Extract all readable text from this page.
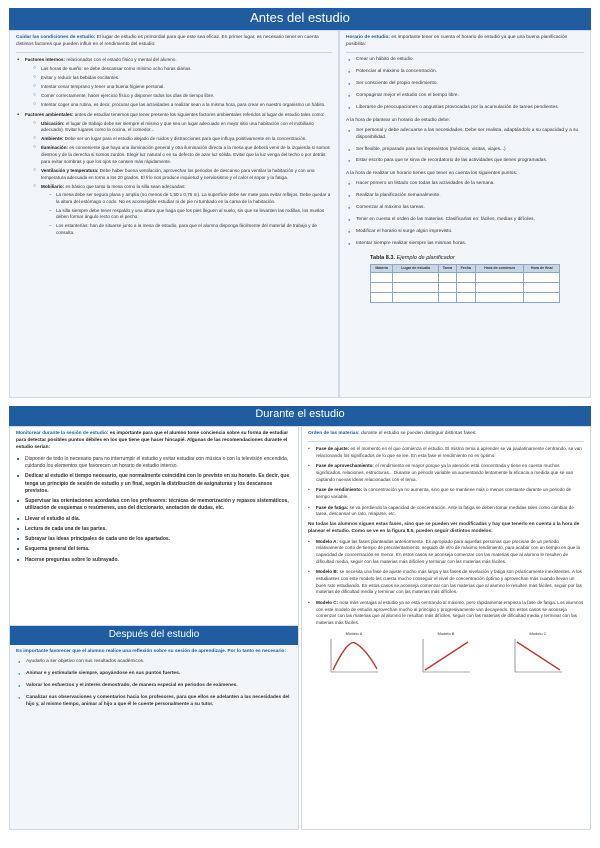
Antes del estudio
Cuidar las condiciones de estudio: El lugar de estudio es primordial para que este sea eficaz. En primer lugar, es necesario tener en cuenta distintos factores que pueden influir en el rendimiento del estudio:
▪ Factores internos: relacionados con el estado físico y mental del alumno.
○ Las horas de sueño: se debe descansar como mínimo ocho horas diarias.
○ Evitar y reducir las bebidas excitantes.
○ Intentar cenar temprano y tener una buena higiene personal.
○ Comer correctamente, hacer ejercicio físico y disponer todos los días de tiempo libre.
○ Intentar coger una rutina, es decir, procurar que las actividades a realizar sean a la misma hora, para crear en nuestro organismo un hábito.
▪ Factores ambientales: antes de estudiar tenemos que tener presente los siguientes factores ambientales referidos al lugar de estudio tales como:
○ Ubicación: el lugar de trabajo debe ser siempre el mismo y que sea un lugar adecuado en mejor sitio una habitación con el mobiliario adecuado). Evitar lugares como la cocina, el comedor...
○ Ambiente: Debe ser un lugar para el estudio alejado de ruidos y distracciones para que influya positivamente en la concentración.
○ Iluminación: es conveniente que haya una iluminación general y otra iluminación directa a la mesa que deberá venir de la izquierda si somos diestros y de la derecha si somos zurdos. Elegir luz natural o en su defecto de azar luz sólida. Evitar que la luz venga del techo o por detrás para evitar sombras y que los ojos se cansen más rápidamente.
○ Ventilación y temperatura: Debe haber buena ventilación, aprovechar los periodos de descanso para ventilar la habitación y con una temperatura adecuada en torno a los 20 grados. El frío nos produce inquietud y nerviosismo y el calor el sopor y la fatiga.
○ Mobiliario: es básico que tanto la mesa como la silla sean adecuadas:
– La mesa debe ser segura plana y amplia (no menos de 1,50 x 0,75 m). La superficie debe ser mate para evitar reflejos. Debe quedar a la altura del estómago o codo. No es aconsejable estudiar ni de pie ni tumbado en la cama de la habitación.
– La silla siempre debe tener respaldo y una altura que haga que los pies lleguen al suelo, sin que se levanten las rodillas, los muslos deben formar ángulo recto con el pecho.
– Los estanterías: han de situarse junto a la mesa de estudio, para que el alumno disponga fácilmente del material de trabajo y de consulta.
Horario de estudio: es importante tener en cuenta el horario de estudio ya que una buena planificación posibilita:
● Crear un hábito de estudio.
● Potenciar al máximo la concentración.
● Ser consciente del propio rendimiento.
● Compaginar mejor el estudio con el tiempo libre.
● Liberarse de preocupaciones o angustias provocadas por la acumulación de tareas pendientes.
A la hora de plantear un horario de estudio debe:
● Ser personal y debe adecuarse a las necesidades. Debe ser realista, adaptándolo a su capacidad y a su disponibilidad.
● Ser flexible, preparado para los imprevistos (médicos, visitas, viajes...)
● Estar escrito para que te sirva de recordatorio de las actividades que tienes programadas.
A la hora de realizar un horario tienes que tener en cuenta los siguientes puntos:
● Hacer primero un listado con todas las actividades de la semana.
● Realizar la planificación semanalmente.
● Comenzar al máximo las tareas.
● Tener en cuenta el orden de las materias. Clasificarlas en: fáciles, medias y difíciles.
● Modificar el horario si surge algún imprevisto.
● Intentar siempre realizar siempre las mismas horas.
Tabla 8.3. Ejemplo de planificador
Materia	Lugar de estudio	Tarea	Fecha	Hora de comienzo	Hora de final

Durante el estudio
Monitorear durante la sesión de estudio: es importante para que el alumno tome conciencia sobre su forma de estudiar para detectar posibles puntos débiles en los que tiene que hacer hincapié. Algunas de las recomendaciones durante el estudio serían:
■ Disponer de todo lo necesario para no interrumpir el estudio y evitar estudiar con música o con la televisión encendida, cuidando los elementos que favorecen un horario de estudio intenso.
■ Dedicar al estudio el tiempo necesario, que normalmente coincidirá con lo previsto en su horario. Es decir, que tenga un principio de sesión de estudio y un final, según la distribución de asignaturas y los descansos previstos.
■ Supervisar las orientaciones acordadas con los profesores: técnicas de memorización y repasos sistemáticos, utilización de esquemas o resúmenes, uso del diccionario, anotación de dudas, etc.
■ Llevar el estudio al día.
■ Lectura de cada una de las partes.
■ Subrayar las ideas principales de cada uno de los apartados.
■ Esquema general del tema.
■ Hacerse preguntas sobre lo subrayado.
Después del estudio
Es importante favorecer que el alumno realice una reflexión sobre su sesión de aprendizaje. Por lo tanto es necesario:
● Ayudarlo a ser objetivo con sus resultados académicos.
● Animar e y estimularle siempre, apoyándose en sus puntos fuertes.
● Valorar los esfuerzos y el interés demostrado, de manera especial en periodos de exámenes.
● Canalizar sus observaciones y comentarios hacia los profesores, para que ellos se adelanten a las necesidades del hijo y, al mismo tiempo, animar al hijo a que él le cuente personalmente a su tutor.
Orden de las materias: durante el estudio se pueden distinguir distintas fases:
▪ Fase de ajuste: es el momento en el que comienza el estudio. El mismo tema a aprender se va paulatinamente centrando, se van relacionando los significados de lo que se lee. En esta fase el rendimiento no es óptimo.
▪ Fase de aprovechamiento: el rendimiento es mayor porque ya la atención está concentrada y tiene en cuenta muchos significados, relaciones, estructuras... Durante un periodo variable va aumentando lentamente la eficacia a medida que se van captando nuevas ideas relacionadas con el tema.
▪ Fase de rendimiento: la concentración ya no aumenta, sino que se mantiene más o menos constante durante un periodo de tiempo variable.
▪ Fase de fatiga: se va perdiendo la capacidad de concentración. Ante la fatiga se deben tomar medidas tales como cambiar de tarea, descansar un rato, relajarse, etc.
No todas las alumnos siguen estas fases, sino que se pueden ver modificadas y hay que tenerlo en cuenta a la hora de planear el estudio. Como se ve en la figura 8.5, pueden seguir distintos modelos:
▪ Modelo A: sigue las fases planteadas anteriormente. Es apropiado para aquellas personas que precisan de un periodo relativamente corto de tiempo de precalentamiento, seguido de otro de máximo rendimiento, para acabar con un tiempo en que la capacidad de concentración es menor. En estos casos se aconseja comenzar con las materias que al alumno le resulten de dificultad media, seguir con las materias más difíciles y terminar con las materias más fáciles.
▪ Modelo B: se necesita una fase de ajuste mucho más larga y las fases de nivelación y fatiga son prácticamente inexistentes. A los estudiantes con este modelo les cuesta mucho conseguir el nivel de concentración óptimo y aprovechan más cuando llevan un buen rato estudiando. En estos casos se aconseja comenzar con las materias que al alumno le resulten más fáciles, seguir por las materias de dificultad media y terminar con las materias más difíciles.
▪ Modelo C: nota más ventajas al estudio ya se está centrando al máximo, pero rápidamente empieza la fase de fatiga. Los alumnos con este modelo de estudio aprovechan mucho al principio y progresivamente van decayendo. En estos casos se aconseja comenzar con las materias que al alumno le resultan más difíciles, seguir con las materias de dificultad media y terminar con las materias más fáciles.
Modelo A	Modelo B	Modelo C
